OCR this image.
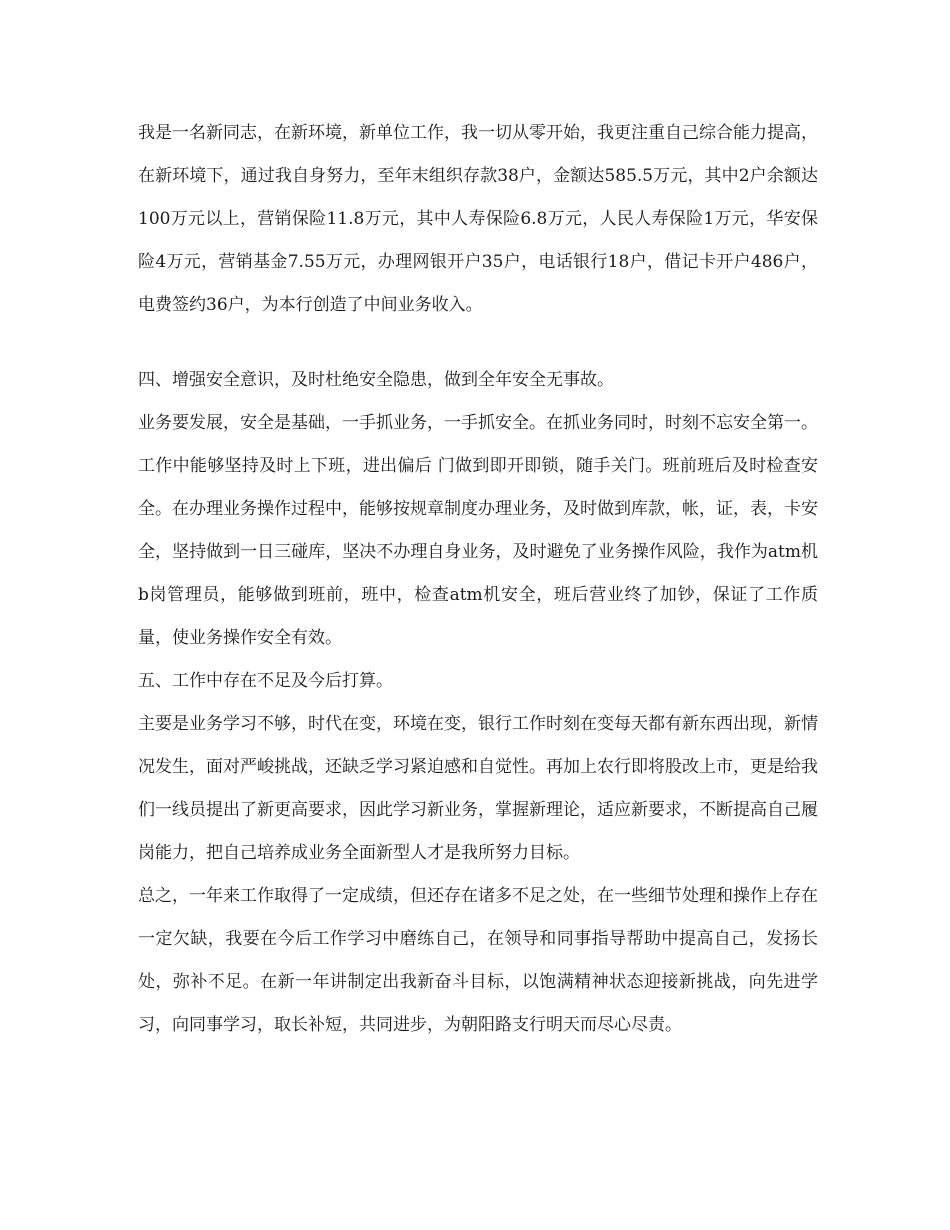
我是一名新同志，在新环境，新单位工作，我一切从零开始，我更注重自己综合能力提高，在新环境下，通过我自身努力，至年末组织存款38户，金额达585.5万元，其中2户余额达100万元以上，营销保险11.8万元，其中人寿保险6.8万元，人民人寿保险1万元，华安保险4万元，营销基金7.55万元，办理网银开户35户，电话银行18户，借记卡开户486户，电费签约36户，为本行创造了中间业务收入。

四、增强安全意识，及时杜绝安全隐患，做到全年安全无事故。

业务要发展，安全是基础，一手抓业务，一手抓安全。在抓业务同时，时刻不忘安全第一。工作中能够坚持及时上下班，进出偏后 门做到即开即锁，随手关门。班前班后及时检查安全。在办理业务操作过程中，能够按规章制度办理业务，及时做到库款，帐，证，表，卡安全，坚持做到一日三碰库，坚决不办理自身业务，及时避免了业务操作风险，我作为atm机b岗管理员，能够做到班前，班中，检查atm机安全，班后营业终了加钞，保证了工作质量，使业务操作安全有效。

五、工作中存在不足及今后打算。

主要是业务学习不够，时代在变，环境在变，银行工作时刻在变每天都有新东西出现，新情况发生，面对严峻挑战，还缺乏学习紧迫感和自觉性。再加上农行即将股改上市，更是给我们一线员提出了新更高要求，因此学习新业务，掌握新理论，适应新要求，不断提高自己履岗能力，把自己培养成业务全面新型人才是我所努力目标。

总之，一年来工作取得了一定成绩，但还存在诸多不足之处，在一些细节处理和操作上存在一定欠缺，我要在今后工作学习中磨练自己，在领导和同事指导帮助中提高自己，发扬长处，弥补不足。在新一年讲制定出我新奋斗目标，以饱满精神状态迎接新挑战，向先进学习，向同事学习，取长补短，共同进步，为朝阳路支行明天而尽心尽责。
